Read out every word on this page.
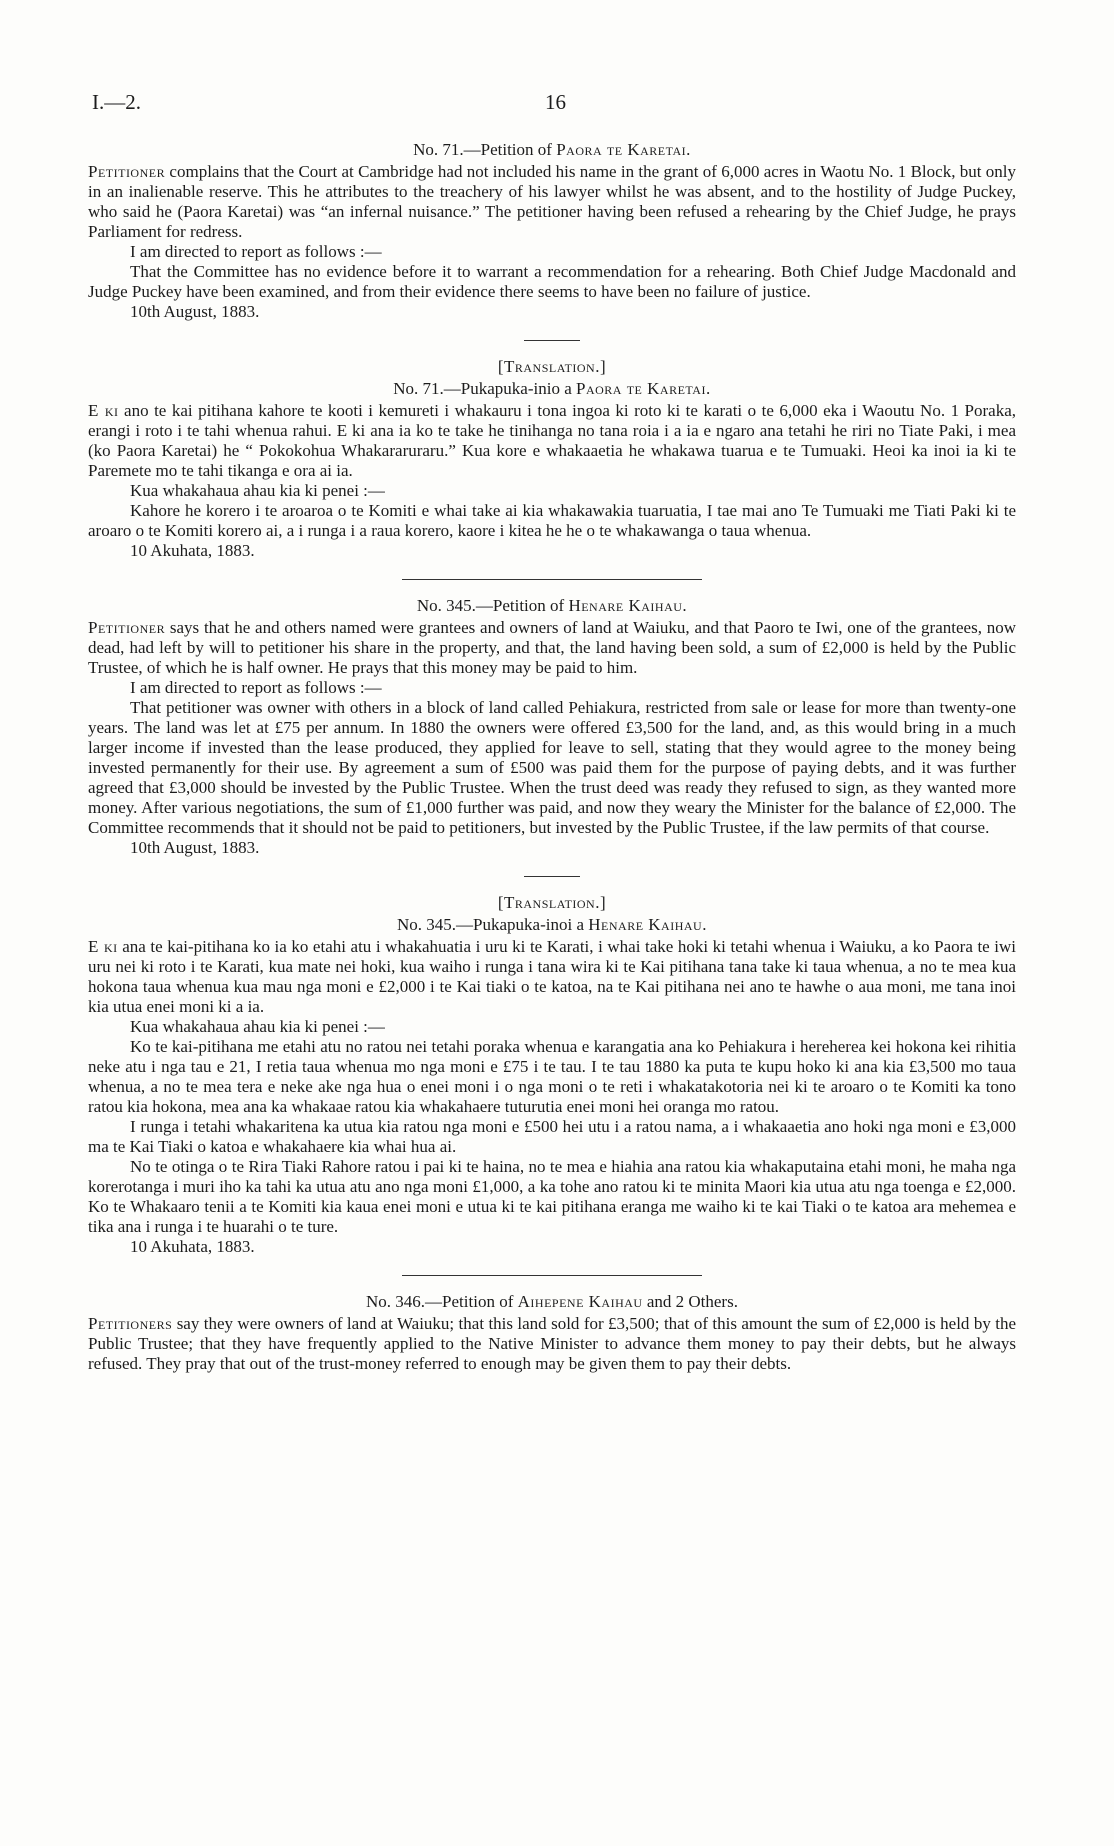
I.—2.	16
No. 71.—Petition of Paora te Karetai.

Petitioner complains that the Court at Cambridge had not included his name in the grant of 6,000 acres in Waotu No. 1 Block, but only in an inalienable reserve. This he attributes to the treachery of his lawyer whilst he was absent, and to the hostility of Judge Puckey, who said he (Paora Karetai) was “an infernal nuisance.” The petitioner having been refused a rehearing by the Chief Judge, he prays Parliament for redress.

I am directed to report as follows :—

That the Committee has no evidence before it to warrant a recommendation for a rehearing. Both Chief Judge Macdonald and Judge Puckey have been examined, and from their evidence there seems to have been no failure of justice.

10th August, 1883.

[Translation.]
No. 71.—Pukapuka-inio a Paora te Karetai.

E ki ano te kai pitihana kahore te kooti i kemureti i whakauru i tona ingoa ki roto ki te karati o te 6,000 eka i Waoutu No. 1 Poraka, erangi i roto i te tahi whenua rahui. E ki ana ia ko te take he tinihanga no tana roia i a ia e ngaro ana tetahi he riri no Tiate Paki, i mea (ko Paora Karetai) he “ Pokokohua Whakararuraru.” Kua kore e whakaaetia he whakawa tuarua e te Tumuaki. Heoi ka inoi ia ki te Paremete mo te tahi tikanga e ora ai ia.

Kua whakahaua ahau kia ki penei :—

Kahore he korero i te aroaroa o te Komiti e whai take ai kia whakawakia tuaruatia, I tae mai ano Te Tumuaki me Tiati Paki ki te aroaro o te Komiti korero ai, a i runga i a raua korero, kaore i kitea he he o te whakawanga o taua whenua.

10 Akuhata, 1883.

No. 345.—Petition of Henare Kaihau.

Petitioner says that he and others named were grantees and owners of land at Waiuku, and that Paoro te Iwi, one of the grantees, now dead, had left by will to petitioner his share in the property, and that, the land having been sold, a sum of £2,000 is held by the Public Trustee, of which he is half owner. He prays that this money may be paid to him.

I am directed to report as follows :—

That petitioner was owner with others in a block of land called Pehiakura, restricted from sale or lease for more than twenty-one years. The land was let at £75 per annum. In 1880 the owners were offered £3,500 for the land, and, as this would bring in a much larger income if invested than the lease produced, they applied for leave to sell, stating that they would agree to the money being invested permanently for their use. By agreement a sum of £500 was paid them for the purpose of paying debts, and it was further agreed that £3,000 should be invested by the Public Trustee. When the trust deed was ready they refused to sign, as they wanted more money. After various negotiations, the sum of £1,000 further was paid, and now they weary the Minister for the balance of £2,000. The Committee recommends that it should not be paid to petitioners, but invested by the Public Trustee, if the law permits of that course.

10th August, 1883.

[Translation.]
No. 345.—Pukapuka-inoi a Henare Kaihau.

E ki ana te kai-pitihana ko ia ko etahi atu i whakahuatia i uru ki te Karati, i whai take hoki ki tetahi whenua i Waiuku, a ko Paora te iwi uru nei ki roto i te Karati, kua mate nei hoki, kua waiho i runga i tana wira ki te Kai pitihana tana take ki taua whenua, a no te mea kua hokona taua whenua kua mau nga moni e £2,000 i te Kai tiaki o te katoa, na te Kai pitihana nei ano te hawhe o aua moni, me tana inoi kia utua enei moni ki a ia.

Kua whakahaua ahau kia ki penei :—

Ko te kai-pitihana me etahi atu no ratou nei tetahi poraka whenua e karangatia ana ko Pehiakura i hereherea kei hokona kei rihitia neke atu i nga tau e 21, I retia taua whenua mo nga moni e £75 i te tau. I te tau 1880 ka puta te kupu hoko ki ana kia £3,500 mo taua whenua, a no te mea tera e neke ake nga hua o enei moni i o nga moni o te reti i whakatakotoria nei ki te aroaro o te Komiti ka tono ratou kia hokona, mea ana ka whakaae ratou kia whakahaere tuturutia enei moni hei oranga mo ratou.

I runga i tetahi whakaritena ka utua kia ratou nga moni e £500 hei utu i a ratou nama, a i whakaaetia ano hoki nga moni e £3,000 ma te Kai Tiaki o katoa e whakahaere kia whai hua ai.

No te otinga o te Rira Tiaki Rahore ratou i pai ki te haina, no te mea e hiahia ana ratou kia whakaputaina etahi moni, he maha nga korerotanga i muri iho ka tahi ka utua atu ano nga moni £1,000, a ka tohe ano ratou ki te minita Maori kia utua atu nga toenga e £2,000. Ko te Whakaaro tenii a te Komiti kia kaua enei moni e utua ki te kai pitihana eranga me waiho ki te kai Tiaki o te katoa ara mehemea e tika ana i runga i te huarahi o te ture.

10 Akuhata, 1883.

No. 346.—Petition of Aihepene Kaihau and 2 Others.

Petitioners say they were owners of land at Waiuku; that this land sold for £3,500; that of this amount the sum of £2,000 is held by the Public Trustee; that they have frequently applied to the Native Minister to advance them money to pay their debts, but he always refused. They pray that out of the trust-money referred to enough may be given them to pay their debts.
